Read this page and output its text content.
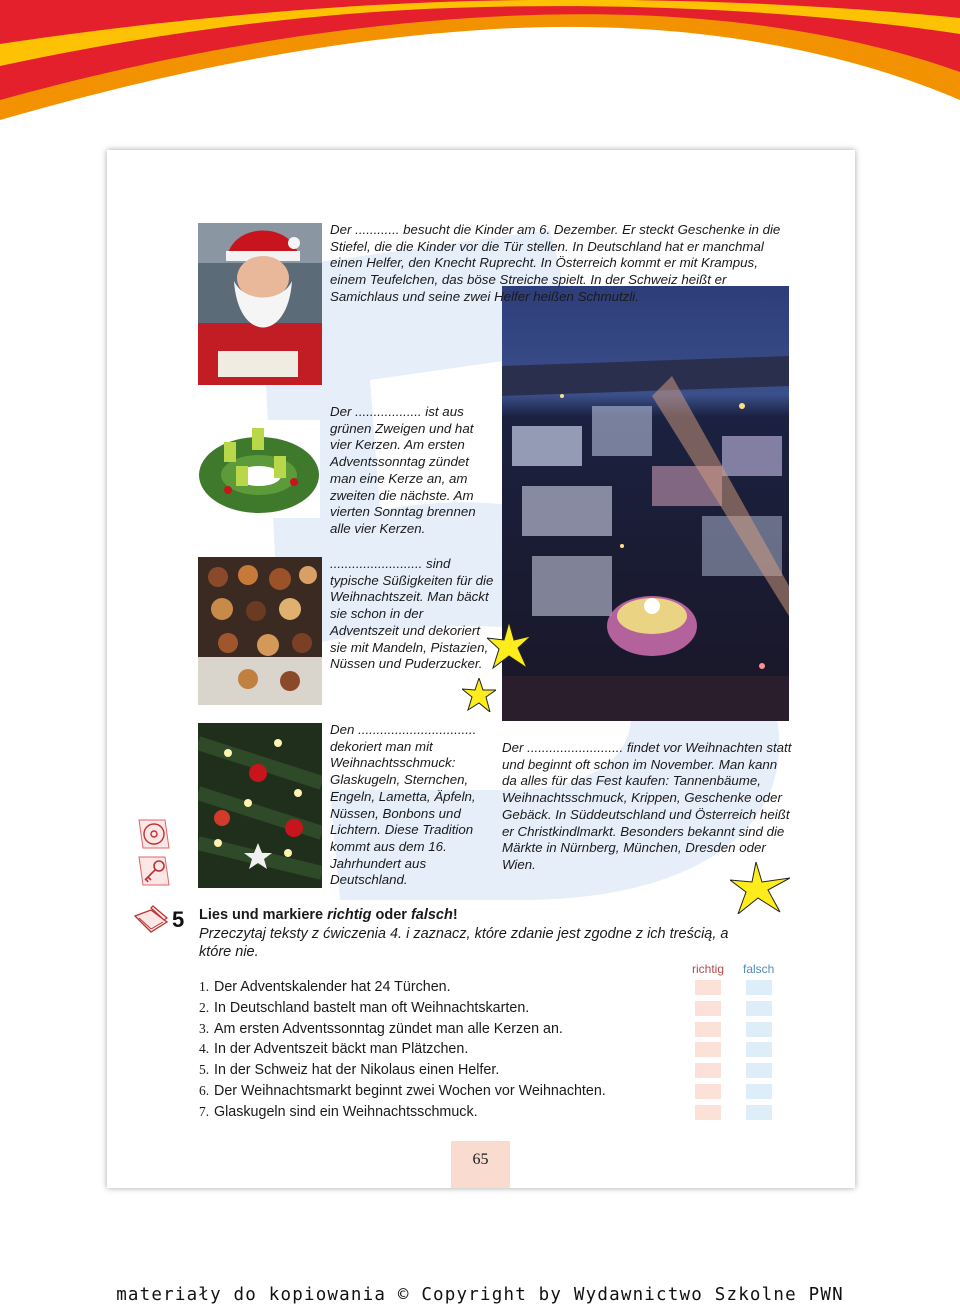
Der ............ besucht die Kinder am 6. Dezember. Er steckt Geschenke in die Stiefel, die die Kinder vor die Tür stellen. In Deutschland hat er manchmal einen Helfer, den Knecht Ruprecht. In Österreich kommt er mit Krampus, einem Teufelchen, das böse Streiche spielt. In der Schweiz heißt er Samichlaus und seine zwei Helfer heißen Schmutzli.
Der .................. ist aus grünen Zweigen und hat vier Kerzen. Am ersten Adventssonntag zündet man eine Kerze an, am zweiten die nächste. Am vierten Sonntag brennen alle vier Kerzen.
......................... sind typische Süßigkeiten für die Weihnachtszeit. Man bäckt sie schon in der Adventszeit und dekoriert sie mit Mandeln, Pistazien, Nüssen und Puderzucker.
Den ................................ dekoriert man mit Weihnachtsschmuck: Glaskugeln, Sternchen, Engeln, Lametta, Äpfeln, Nüssen, Bonbons und Lichtern. Diese Tradition kommt aus dem 16. Jahrhundert aus Deutschland.
Der .......................... findet vor Weihnachten statt und beginnt oft schon im November. Man kann da alles für das Fest kaufen: Tannenbäume, Weihnachtsschmuck, Krippen, Geschenke oder Gebäck. In Süddeutschland und Österreich heißt er Christkindlmarkt. Besonders bekannt sind die Märkte in Nürnberg, München, Dresden oder Wien.
5 Lies und markiere richtig oder falsch!
Przeczytaj teksty z ćwiczenia 4. i zaznacz, które zdanie jest zgodne z ich treścią, a które nie.
richtig falsch
1. Der Adventskalender hat 24 Türchen.
2. In Deutschland bastelt man oft Weihnachtskarten.
3. Am ersten Adventssonntag zündet man alle Kerzen an.
4. In der Adventszeit bäckt man Plätzchen.
5. In der Schweiz hat der Nikolaus einen Helfer.
6. Der Weihnachtsmarkt beginnt zwei Wochen vor Weihnachten.
7. Glaskugeln sind ein Weihnachtsschmuck.
65
materiały do kopiowania © Copyright by Wydawnictwo Szkolne PWN
